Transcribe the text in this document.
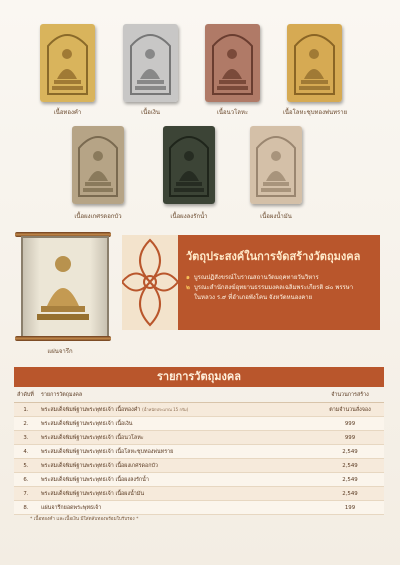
เนื้อทองคำ	เนื้อเงิน	เนื้อนวโลหะ	เนื้อโลหะชุบทองพ่นทราย
เนื้อผงเกศรดอกบัว	เนื้อผงลงรักน้ำ	เนื้อผงน้ำมัน
แผ่นจารึก
วัตถุประสงค์ในการจัดสร้างวัตถุมงคล
๑ บูรณปฏิสังขรณ์โบราณสถานวัดมฤคทายวันวิหาร
๒ บูรณะสำนักสงฆ์อุทยานธรรมมงคลเฉลิมพระเกียรติ ๘๐ พรรษา
ในหลวง ร.๙ ที่อำเภอพังโคน จังหวัดหนองคาย
รายการวัตถุมงคล
ลำดับที่	รายการวัตถุมงคล	จำนวนการสร้าง
1.	พระสมเด็จพิมพ์ฐานพระพุทธเจ้า เนื้อทองคำ (น้ำหนักประมาณ 15 กรัม)	ตามจำนวนสั่งจอง
2.	พระสมเด็จพิมพ์ฐานพระพุทธเจ้า เนื้อเงิน	999
3.	พระสมเด็จพิมพ์ฐานพระพุทธเจ้า เนื้อนวโลหะ	999
4.	พระสมเด็จพิมพ์ฐานพระพุทธเจ้า เนื้อโลหะชุบทองพ่นทราย	2,549
5.	พระสมเด็จพิมพ์ฐานพระพุทธเจ้า เนื้อผงเกศรดอกบัว	2,549
6.	พระสมเด็จพิมพ์ฐานพระพุทธเจ้า เนื้อผงลงรักน้ำ	2,549
7.	พระสมเด็จพิมพ์ฐานพระพุทธเจ้า เนื้อผงน้ำมัน	2,549
8.	แผ่นจารึกยอดพระพุทธเจ้า	199
* เนื้อทองคำ และเนื้อเงิน มีใส่ตลับทองพร้อมใบรับรอง *
